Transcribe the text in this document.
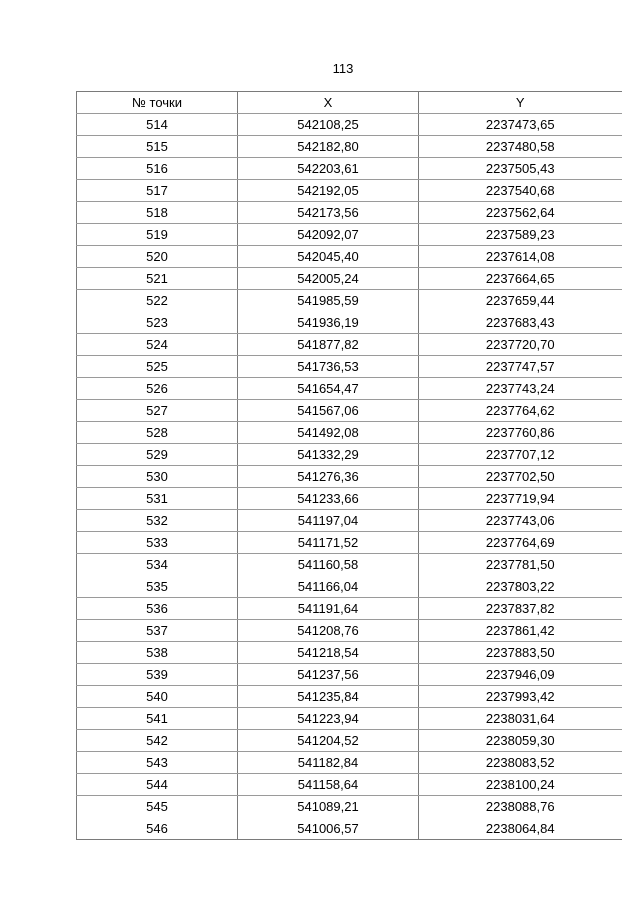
113
№ точки	X	Y
514	542108,25	2237473,65
515	542182,80	2237480,58
516	542203,61	2237505,43
517	542192,05	2237540,68
518	542173,56	2237562,64
519	542092,07	2237589,23
520	542045,40	2237614,08
521	542005,24	2237664,65
522	541985,59	2237659,44
523	541936,19	2237683,43
524	541877,82	2237720,70
525	541736,53	2237747,57
526	541654,47	2237743,24
527	541567,06	2237764,62
528	541492,08	2237760,86
529	541332,29	2237707,12
530	541276,36	2237702,50
531	541233,66	2237719,94
532	541197,04	2237743,06
533	541171,52	2237764,69
534	541160,58	2237781,50
535	541166,04	2237803,22
536	541191,64	2237837,82
537	541208,76	2237861,42
538	541218,54	2237883,50
539	541237,56	2237946,09
540	541235,84	2237993,42
541	541223,94	2238031,64
542	541204,52	2238059,30
543	541182,84	2238083,52
544	541158,64	2238100,24
545	541089,21	2238088,76
546	541006,57	2238064,84
